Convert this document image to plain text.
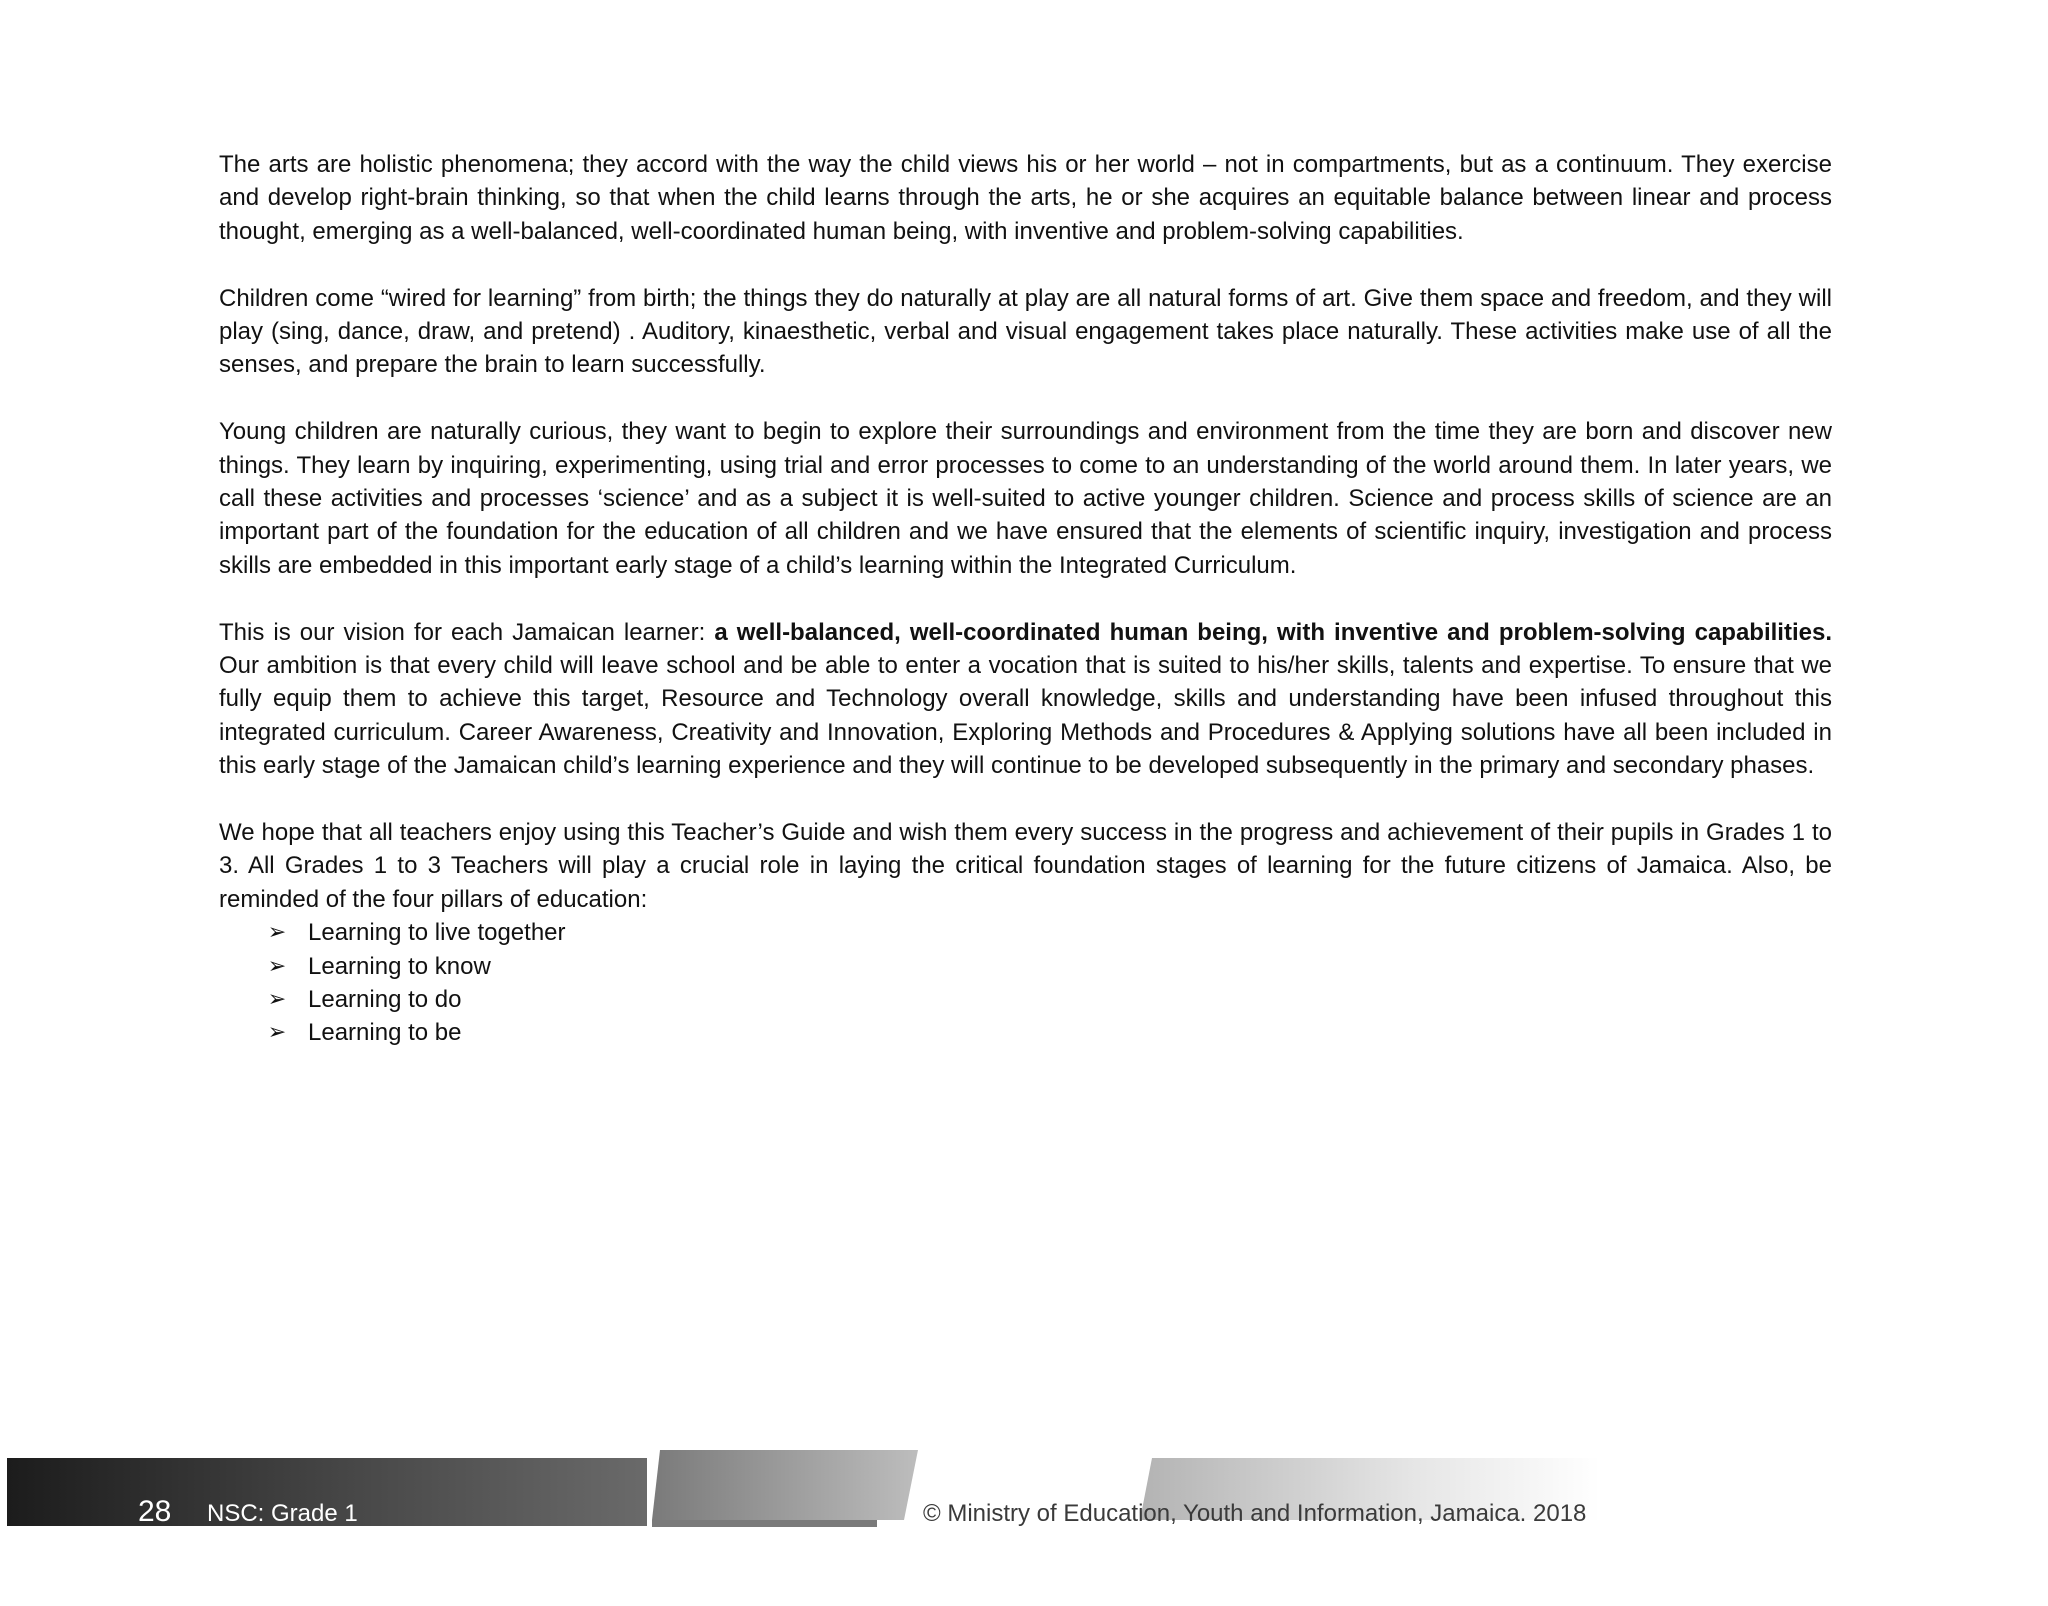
The arts are holistic phenomena; they accord with the way the child views his or her world – not in compartments, but as a continuum. They exercise and develop right-brain thinking, so that when the child learns through the arts, he or she acquires an equitable balance between linear and process thought, emerging as a well-balanced, well-coordinated human being, with inventive and problem-solving capabilities.

Children come “wired for learning” from birth; the things they do naturally at play are all natural forms of art. Give them space and freedom, and they will play (sing, dance, draw, and pretend) . Auditory, kinaesthetic, verbal and visual engagement takes place naturally. These activities make use of all the senses, and prepare the brain to learn successfully.

Young children are naturally curious, they want to begin to explore their surroundings and environment from the time they are born and discover new things. They learn by inquiring, experimenting, using trial and error processes to come to an understanding of the world around them. In later years, we call these activities and processes ‘science’ and as a subject it is well-suited to active younger children. Science and process skills of science are an important part of the foundation for the education of all children and we have ensured that the elements of scientific inquiry, investigation and process skills are embedded in this important early stage of a child’s learning within the Integrated Curriculum.

This is our vision for each Jamaican learner: a well-balanced, well-coordinated human being, with inventive and problem-solving capabilities. Our ambition is that every child will leave school and be able to enter a vocation that is suited to his/her skills, talents and expertise. To ensure that we fully equip them to achieve this target, Resource and Technology overall knowledge, skills and understanding have been infused throughout this integrated curriculum. Career Awareness, Creativity and Innovation, Exploring Methods and Procedures & Applying solutions have all been included in this early stage of the Jamaican child’s learning experience and they will continue to be developed subsequently in the primary and secondary phases.

We hope that all teachers enjoy using this Teacher’s Guide and wish them every success in the progress and achievement of their pupils in Grades 1 to 3. All Grades 1 to 3 Teachers will play a crucial role in laying the critical foundation stages of learning for the future citizens of Jamaica. Also, be reminded of the four pillars of education:

➢ Learning to live together
➢ Learning to know
➢ Learning to do
➢ Learning to be
28 NSC: Grade 1	© Ministry of Education, Youth and Information, Jamaica. 2018
